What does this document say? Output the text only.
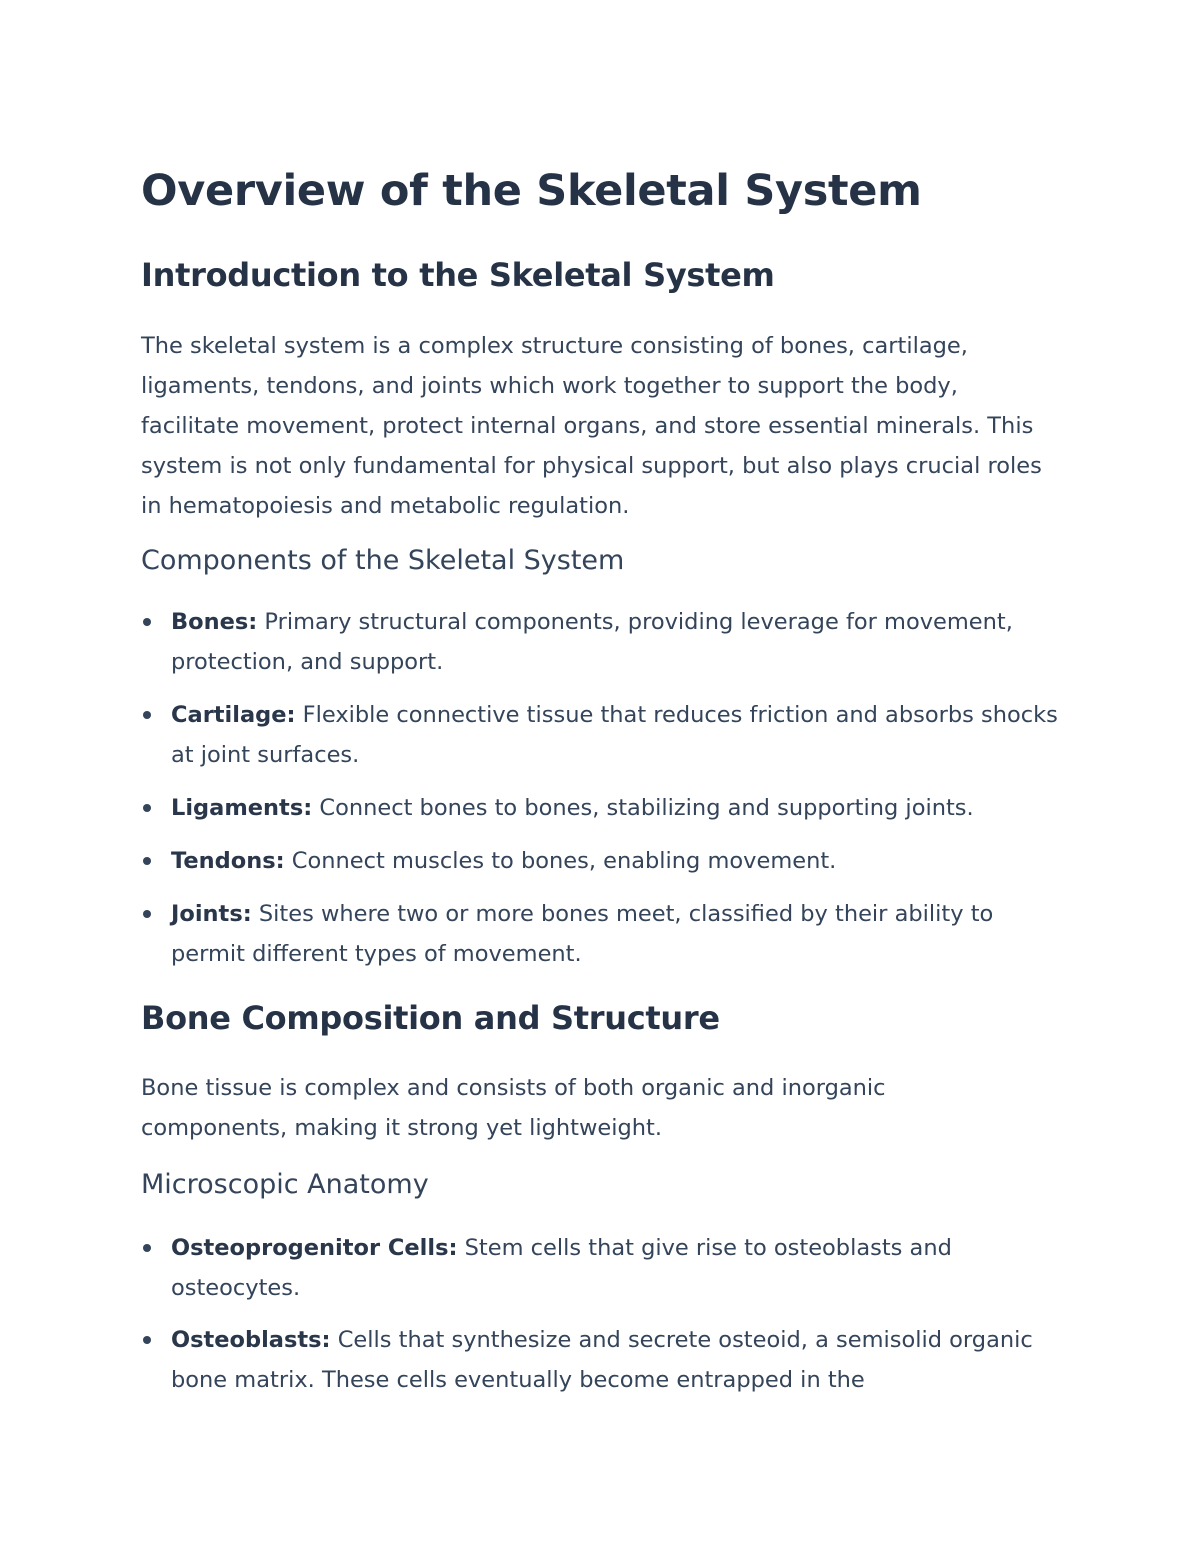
Overview of the Skeletal System
Introduction to the Skeletal System

The skeletal system is a complex structure consisting of bones, cartilage, ligaments, tendons, and joints which work together to support the body, facilitate movement, protect internal organs, and store essential minerals. This system is not only fundamental for physical support, but also plays crucial roles in hematopoiesis and metabolic regulation.

Components of the Skeletal System
Bones: Primary structural components, providing leverage for movement, protection, and support.
Cartilage: Flexible connective tissue that reduces friction and absorbs shocks at joint surfaces.
Ligaments: Connect bones to bones, stabilizing and supporting joints.
Tendons: Connect muscles to bones, enabling movement.
Joints: Sites where two or more bones meet, classified by their ability to permit different types of movement.
Bone Composition and Structure

Bone tissue is complex and consists of both organic and inorganic components, making it strong yet lightweight.

Microscopic Anatomy
Osteoprogenitor Cells: Stem cells that give rise to osteoblasts and osteocytes.
Osteoblasts: Cells that synthesize and secrete osteoid, a semisolid organic bone matrix. These cells eventually become entrapped in the
